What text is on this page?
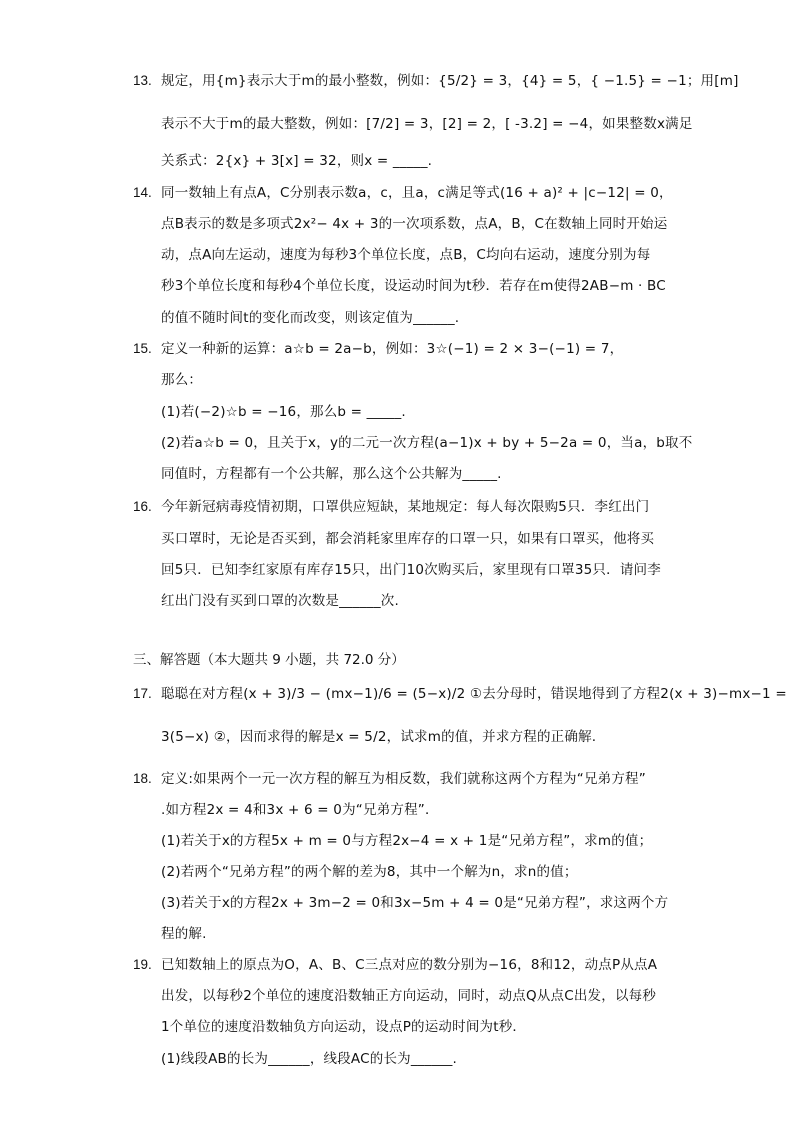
13. 规定，用{m}表示大于m的最小整数，例如：{5/2} = 3，{4} = 5，{ −1.5} = −1；用[m]
表示不大于m的最大整数，例如：[7/2] = 3，[2] = 2，[ -3.2] = −4，如果整数x满足
关系式：2{x} + 3[x] = 32，则x = _____.
14. 同一数轴上有点A，C分别表示数a，c，且a，c满足等式(16 + a)² + |c−12| = 0，
点B表示的数是多项式2x²− 4x + 3的一次项系数，点A，B，C在数轴上同时开始运
动，点A向左运动，速度为每秒3个单位长度，点B，C均向右运动，速度分别为每
秒3个单位长度和每秒4个单位长度，设运动时间为t秒．若存在m使得2AB−m · BC
的值不随时间t的变化而改变，则该定值为______.
15. 定义一种新的运算：a☆b = 2a−b，例如：3☆(−1) = 2 × 3−(−1) = 7，
那么：
(1)若(−2)☆b = −16，那么b = _____.
(2)若a☆b = 0，且关于x，y的二元一次方程(a−1)x + by + 5−2a = 0，当a，b取不
同值时，方程都有一个公共解，那么这个公共解为_____.
16. 今年新冠病毒疫情初期，口罩供应短缺，某地规定：每人每次限购5只．李红出门
买口罩时，无论是否买到，都会消耗家里库存的口罩一只，如果有口罩买，他将买
回5只．已知李红家原有库存15只，出门10次购买后，家里现有口罩35只．请问李
红出门没有买到口罩的次数是______次.
三、解答题（本大题共 9 小题，共 72.0 分）
17. 聪聪在对方程(x + 3)/3 − (mx−1)/6 = (5−x)/2 ①去分母时，错误地得到了方程2(x + 3)−mx−1 =
3(5−x) ②，因而求得的解是x = 5/2，试求m的值，并求方程的正确解.
18. 定义:如果两个一元一次方程的解互为相反数，我们就称这两个方程为“兄弟方程”
.如方程2x = 4和3x + 6 = 0为“兄弟方程”．
(1)若关于x的方程5x + m = 0与方程2x−4 = x + 1是“兄弟方程”，求m的值；
(2)若两个“兄弟方程”的两个解的差为8，其中一个解为n，求n的值；
(3)若关于x的方程2x + 3m−2 = 0和3x−5m + 4 = 0是“兄弟方程”，求这两个方
程的解.
19. 已知数轴上的原点为O，A、B、C三点对应的数分别为−16，8和12，动点P从点A
出发，以每秒2个单位的速度沿数轴正方向运动，同时，动点Q从点C出发，以每秒
1个单位的速度沿数轴负方向运动，设点P的运动时间为t秒．
(1)线段AB的长为______，线段AC的长为______.
